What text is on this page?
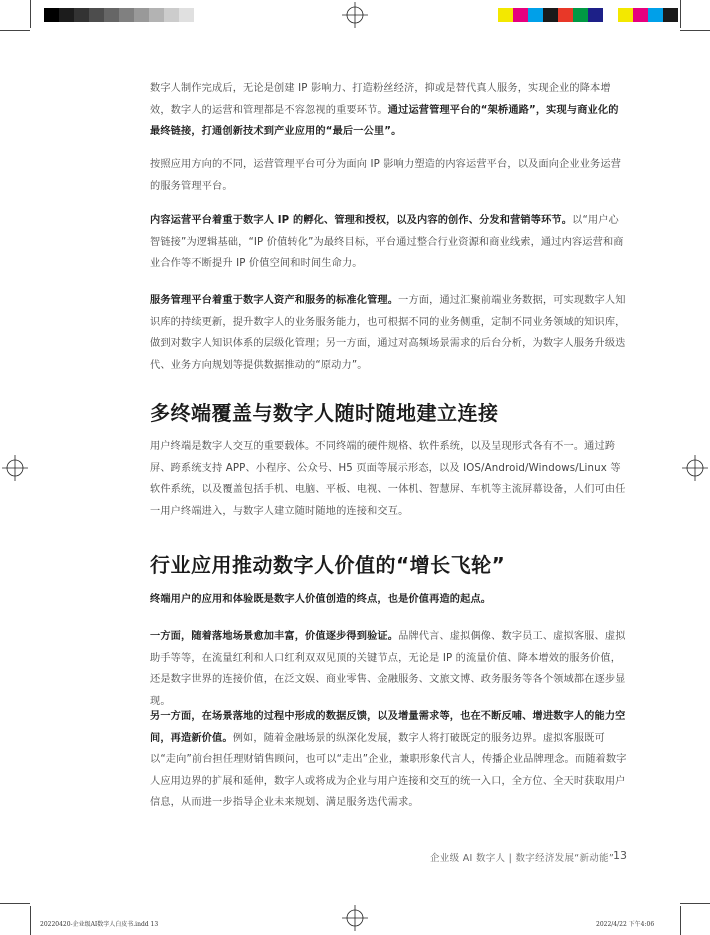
数字人制作完成后，无论是创建 IP 影响力、打造粉丝经济，抑或是替代真人服务，实现企业的降本增效，数字人的运营和管理都是不容忽视的重要环节。通过运营管理平台的“架桥通路”，实现与商业化的最终链接，打通创新技术到产业应用的“最后一公里”。

按照应用方向的不同，运营管理平台可分为面向 IP 影响力塑造的内容运营平台，以及面向企业业务运营的服务管理平台。

内容运营平台着重于数字人 IP 的孵化、管理和授权，以及内容的创作、分发和营销等环节。以“用户心智链接”为逻辑基础，“IP 价值转化”为最终目标，平台通过整合行业资源和商业线索，通过内容运营和商业合作等不断提升 IP 价值空间和时间生命力。

服务管理平台着重于数字人资产和服务的标准化管理。一方面，通过汇聚前端业务数据，可实现数字人知识库的持续更新，提升数字人的业务服务能力，也可根据不同的业务侧重，定制不同业务领域的知识库，做到对数字人知识体系的层级化管理；另一方面，通过对高频场景需求的后台分析，为数字人服务升级迭代、业务方向规划等提供数据推动的“原动力”。

多终端覆盖与数字人随时随地建立连接

用户终端是数字人交互的重要载体。不同终端的硬件规格、软件系统，以及呈现形式各有不一。通过跨屏、跨系统支持 APP、小程序、公众号、H5 页面等展示形态，以及 IOS/Android/Windows/Linux 等软件系统，以及覆盖包括手机、电脑、平板、电视、一体机、智慧屏、车机等主流屏幕设备，人们可由任一用户终端进入，与数字人建立随时随地的连接和交互。

行业应用推动数字人价值的“增长飞轮”

终端用户的应用和体验既是数字人价值创造的终点，也是价值再造的起点。

一方面，随着落地场景愈加丰富，价值逐步得到验证。品牌代言、虚拟偶像、数字员工、虚拟客服、虚拟助手等等，在流量红利和人口红利双双见顶的关键节点，无论是 IP 的流量价值、降本增效的服务价值，还是数字世界的连接价值，在泛文娱、商业零售、金融服务、文旅文博、政务服务等各个领域都在逐步显现。

另一方面，在场景落地的过程中形成的数据反馈，以及增量需求等，也在不断反哺、增进数字人的能力空间，再造新价值。例如，随着金融场景的纵深化发展，数字人将打破既定的服务边界。虚拟客服既可以“走向”前台担任理财销售顾问，也可以“走出”企业，兼职形象代言人，传播企业品牌理念。而随着数字人应用边界的扩展和延伸，数字人或将成为企业与用户连接和交互的统一入口，全方位、全天时获取用户信息，从而进一步指导企业未来规划、满足服务迭代需求。

企业级 AI 数字人 | 数字经济发展“新动能”
13
20220420-企业级AI数字人白皮书.indd 13	2022/4/22 下午4:06
